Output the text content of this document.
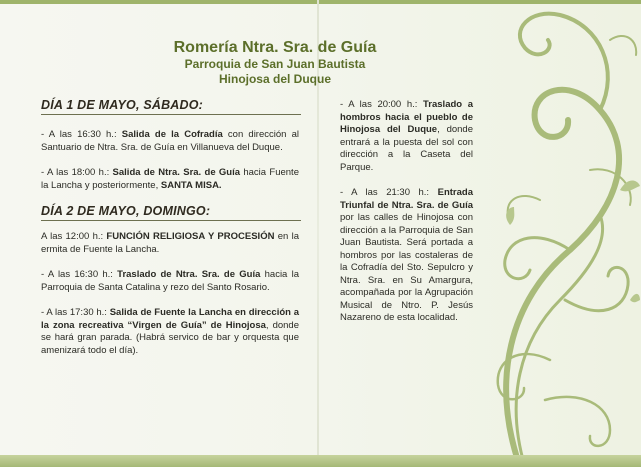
Romería Ntra. Sra. de Guía
Parroquia de San Juan Bautista
Hinojosa del Duque
DÍA 1 DE MAYO, SÁBADO:

- A las 16:30 h.: Salida de la Cofradía con dirección al Santuario de Ntra. Sra. de Guía en Villanueva del Duque.

- A las 18:00 h.: Salida de Ntra. Sra. de Guía hacia Fuente la Lancha y posteriormente, SANTA MISA.

DÍA 2 DE MAYO, DOMINGO:

A las 12:00 h.: FUNCIÓN RELIGIOSA Y PROCESIÓN en la ermita de Fuente la Lancha.

- A las 16:30 h.: Traslado de Ntra. Sra. de Guía hacia la Parroquia de Santa Catalina y rezo del Santo Rosario.

- A las 17:30 h.: Salida de Fuente la Lancha en dirección a la zona recreativa “Virgen de Guía” de Hinojosa, donde se hará gran parada. (Habrá servico de bar y orquesta que amenizará todo el día).

- A las 20:00 h.: Traslado a hombros hacia el pueblo de Hinojosa del Duque, donde entrará a la puesta del sol con dirección a la Caseta del Parque.

- A las 21:30 h.: Entrada Triunfal de Ntra. Sra. de Guía por las calles de Hinojosa con dirección a la Parroquia de San Juan Bautista. Será portada a hombros por las costaleras de la Cofradía del Sto. Sepulcro y Ntra. Sra. en Su Amargura, acompañada por la Agrupación Musical de Ntro. P. Jesús Nazareno de esta localidad.
